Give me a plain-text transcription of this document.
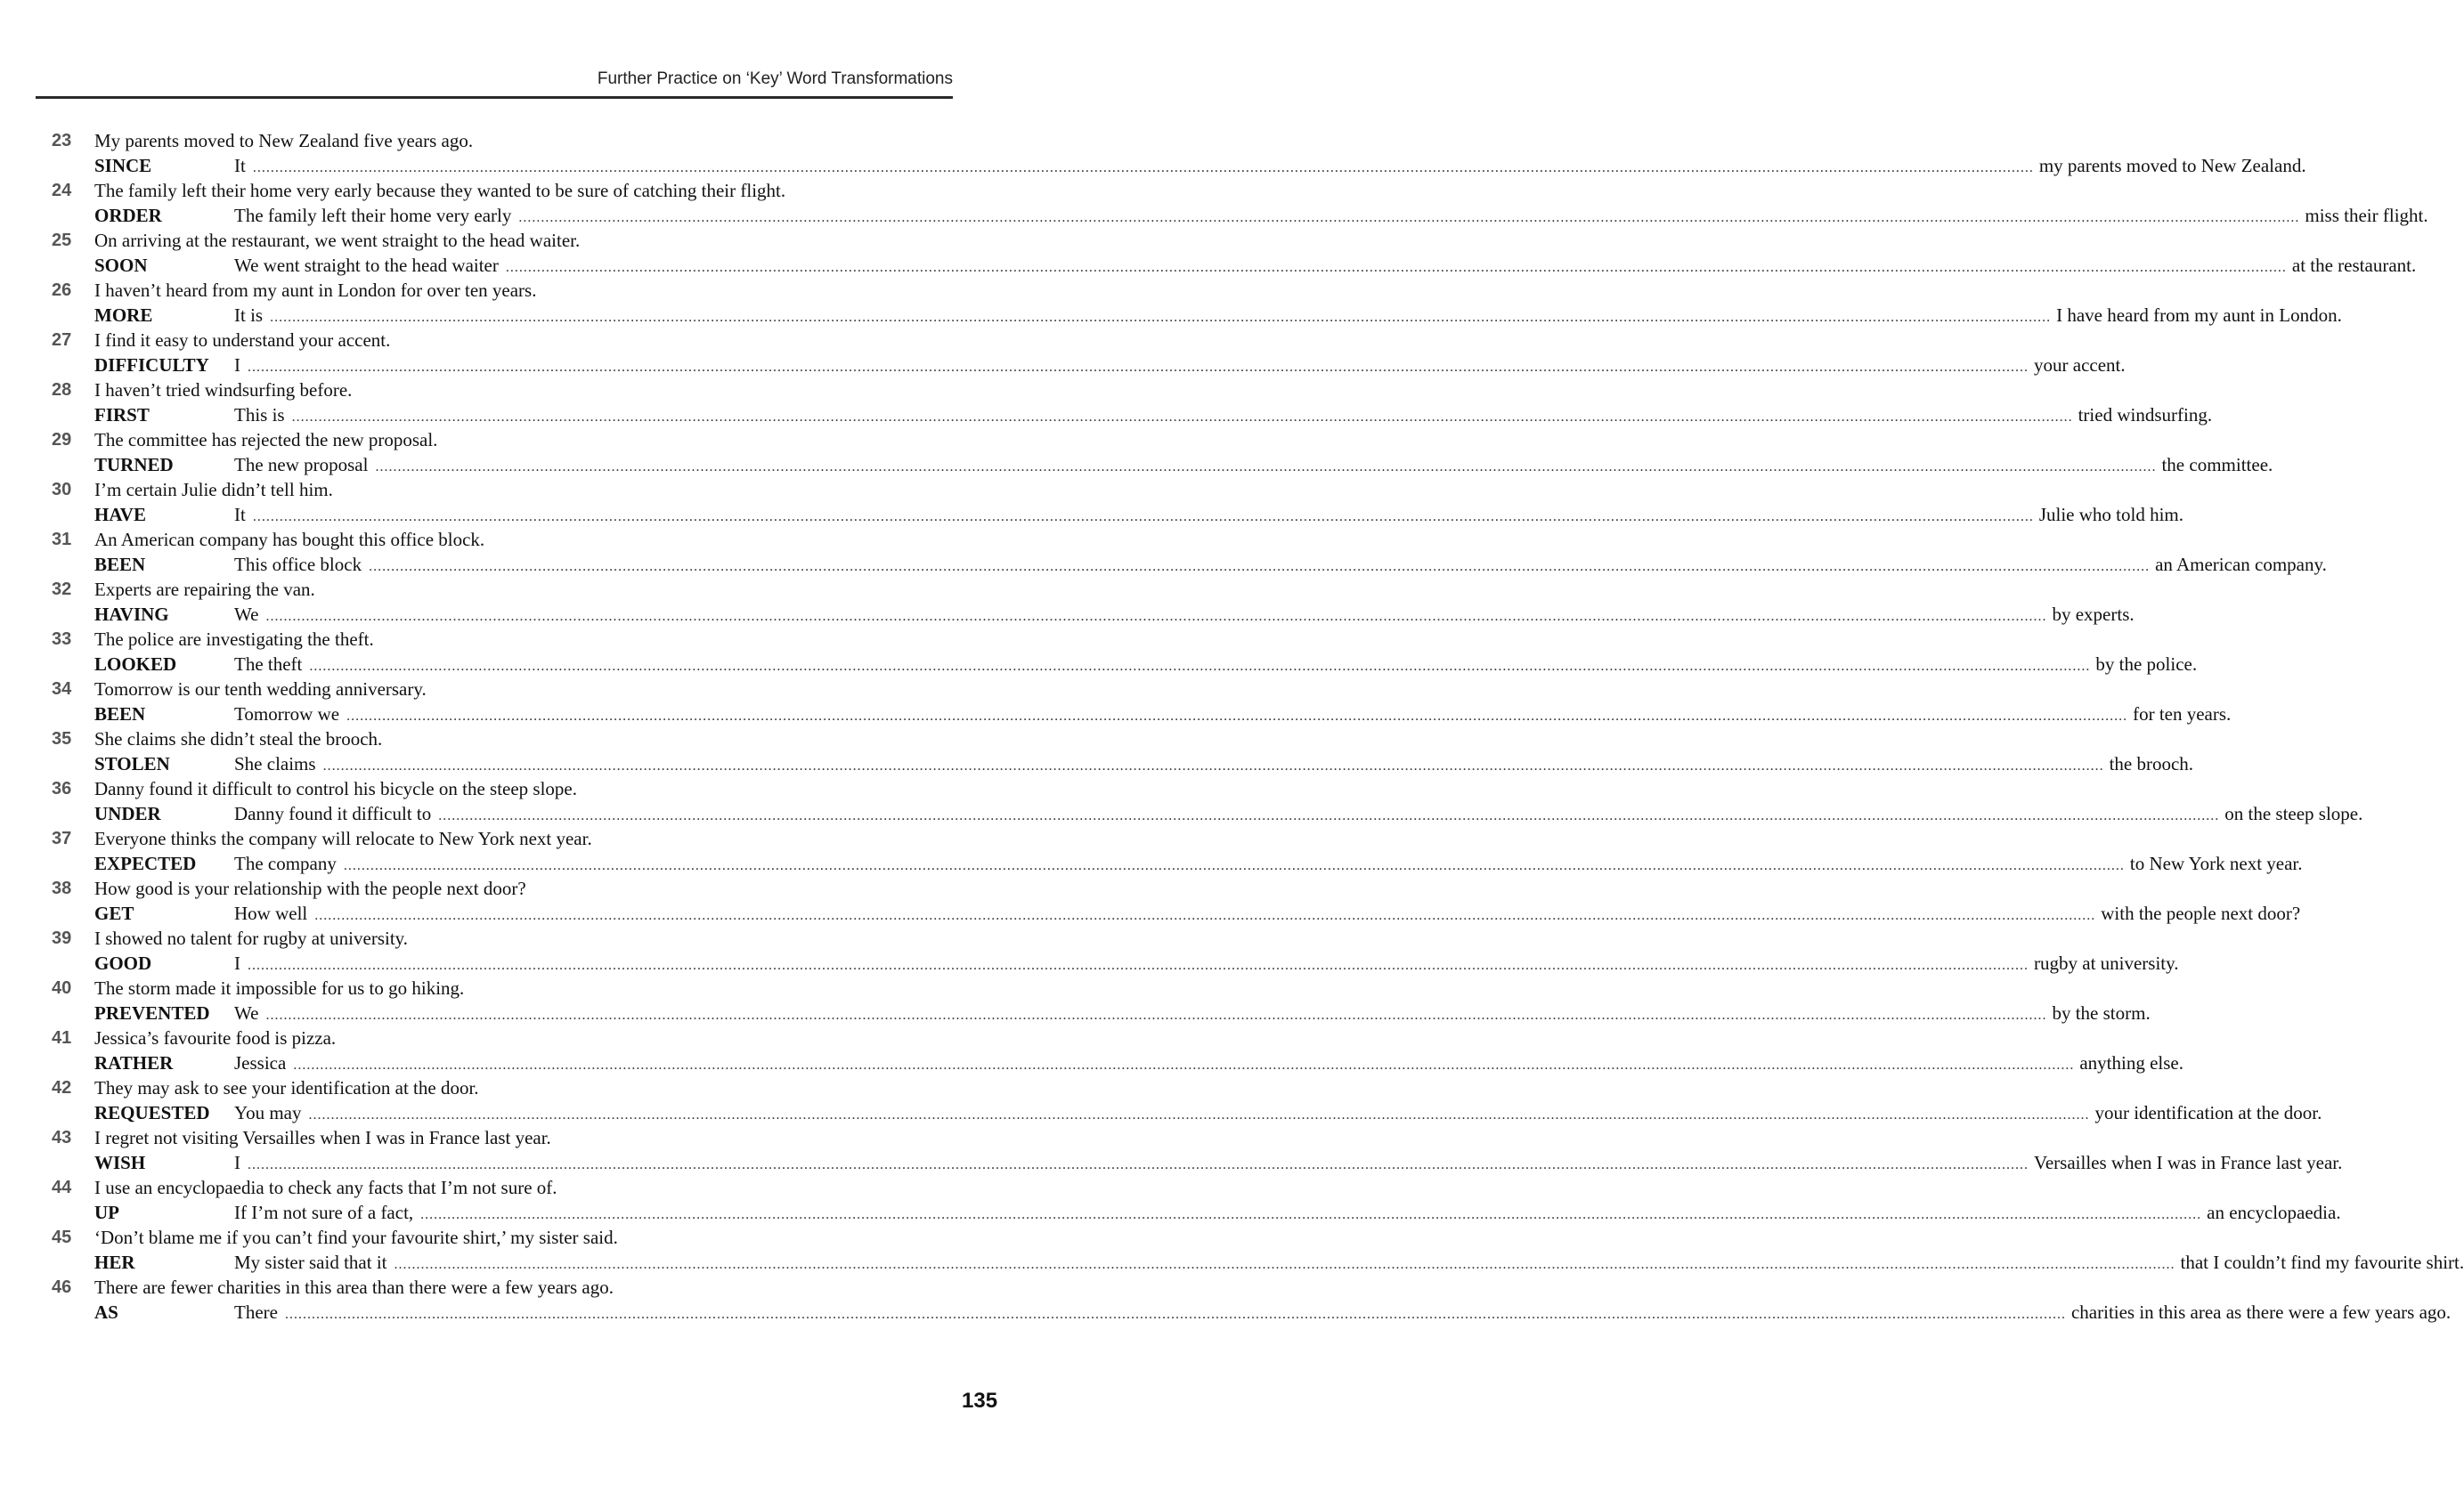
Further Practice on ‘Key’ Word Transformations
23 My parents moved to New Zealand five years ago.
SINCE	It ................................................................................................................................................................................................................................................................................................................................................................................................................ my parents moved to New Zealand.
24 The family left their home very early because they wanted to be sure of catching their flight.
ORDER	The family left their home very early ................................................................................................................................................................................................................................................................................................................................................................................................................ miss their flight.
25 On arriving at the restaurant, we went straight to the head waiter.
SOON	We went straight to the head waiter ................................................................................................................................................................................................................................................................................................................................................................................................................ at the restaurant.
26 I haven’t heard from my aunt in London for over ten years.
MORE	It is ................................................................................................................................................................................................................................................................................................................................................................................................................ I have heard from my aunt in London.
27 I find it easy to understand your accent.
DIFFICULTY I ................................................................................................................................................................................................................................................................................................................................................................................................................ your accent.
28 I haven’t tried windsurfing before.
FIRST	This is ................................................................................................................................................................................................................................................................................................................................................................................................................ tried windsurfing.
29 The committee has rejected the new proposal.
TURNED	The new proposal ................................................................................................................................................................................................................................................................................................................................................................................................................ the committee.
30 I’m certain Julie didn’t tell him.
HAVE	It ................................................................................................................................................................................................................................................................................................................................................................................................................ Julie who told him.
31 An American company has bought this office block.
BEEN	This office block ................................................................................................................................................................................................................................................................................................................................................................................................................ an American company.
32 Experts are repairing the van.
HAVING	We ................................................................................................................................................................................................................................................................................................................................................................................................................ by experts.
33 The police are investigating the theft.
LOOKED	The theft ................................................................................................................................................................................................................................................................................................................................................................................................................ by the police.
34 Tomorrow is our tenth wedding anniversary.
BEEN	Tomorrow we ................................................................................................................................................................................................................................................................................................................................................................................................................ for ten years.
35 She claims she didn’t steal the brooch.
STOLEN	She claims ................................................................................................................................................................................................................................................................................................................................................................................................................ the brooch.
36 Danny found it difficult to control his bicycle on the steep slope.
UNDER	Danny found it difficult to ................................................................................................................................................................................................................................................................................................................................................................................................................ on the steep slope.
37 Everyone thinks the company will relocate to New York next year.
EXPECTED The company ................................................................................................................................................................................................................................................................................................................................................................................................................ to New York next year.
38 How good is your relationship with the people next door?
GET	How well ................................................................................................................................................................................................................................................................................................................................................................................................................ with the people next door?
39 I showed no talent for rugby at university.
GOOD	I ................................................................................................................................................................................................................................................................................................................................................................................................................ rugby at university.
40 The storm made it impossible for us to go hiking.
PREVENTED We ................................................................................................................................................................................................................................................................................................................................................................................................................ by the storm.
41 Jessica’s favourite food is pizza.
RATHER	Jessica ................................................................................................................................................................................................................................................................................................................................................................................................................ anything else.
42 They may ask to see your identification at the door.
REQUESTED You may ................................................................................................................................................................................................................................................................................................................................................................................................................ your identification at the door.
43 I regret not visiting Versailles when I was in France last year.
WISH	I ................................................................................................................................................................................................................................................................................................................................................................................................................ Versailles when I was in France last year.
44 I use an encyclopaedia to check any facts that I’m not sure of.
UP	If I’m not sure of a fact, ................................................................................................................................................................................................................................................................................................................................................................................................................ an encyclopaedia.
45 ‘Don’t blame me if you can’t find your favourite shirt,’ my sister said.
HER	My sister said that it ................................................................................................................................................................................................................................................................................................................................................................................................................ that I couldn’t find my favourite shirt.
46 There are fewer charities in this area than there were a few years ago.
AS	There ................................................................................................................................................................................................................................................................................................................................................................................................................ charities in this area as there were a few years ago.
135
